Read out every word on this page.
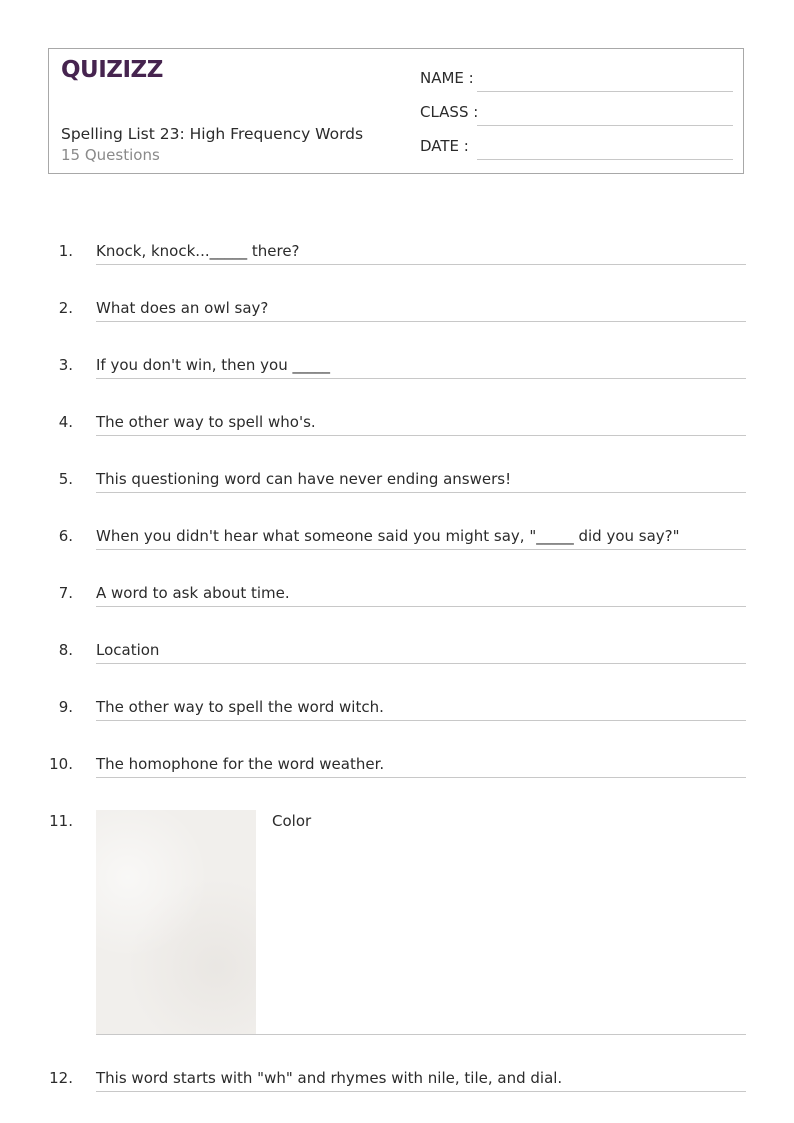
QUIZIZZ
Spelling List 23: High Frequency Words
15 Questions
NAME :
CLASS :
DATE :
1. Knock, knock..._____ there?
2. What does an owl say?
3. If you don't win, then you _____
4. The other way to spell who's.
5. This questioning word can have never ending answers!
6. When you didn't hear what someone said you might say, "_____ did you say?"
7. A word to ask about time.
8. Location
9. The other way to spell the word witch.
10. The homophone for the word weather.
11.	Color
12. This word starts with "wh" and rhymes with nile, tile, and dial.
